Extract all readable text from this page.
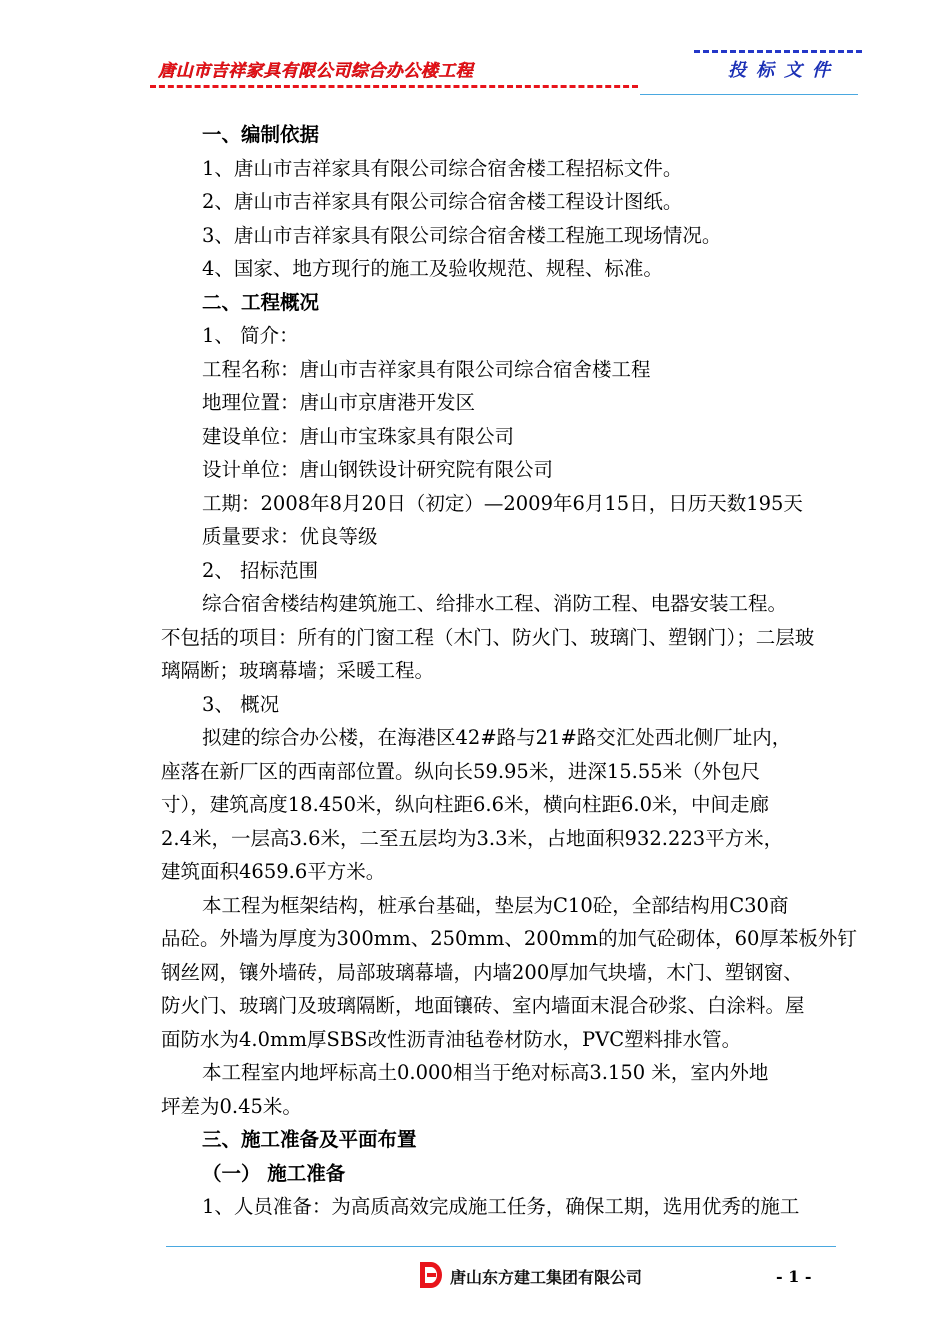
唐山市吉祥家具有限公司综合办公楼工程	投标文件
一、编制依据
1、唐山市吉祥家具有限公司综合宿舍楼工程招标文件。
2、唐山市吉祥家具有限公司综合宿舍楼工程设计图纸。
3、唐山市吉祥家具有限公司综合宿舍楼工程施工现场情况。
4、国家、地方现行的施工及验收规范、规程、标准。
二、工程概况
1、 简介：
工程名称：唐山市吉祥家具有限公司综合宿舍楼工程
地理位置：唐山市京唐港开发区
建设单位：唐山市宝珠家具有限公司
设计单位：唐山钢铁设计研究院有限公司
工期：2008年8月20日（初定）—2009年6月15日，日历天数195天
质量要求：优良等级
2、 招标范围
综合宿舍楼结构建筑施工、给排水工程、消防工程、电器安装工程。
不包括的项目：所有的门窗工程（木门、防火门、玻璃门、塑钢门）；二层玻
璃隔断；玻璃幕墙；采暖工程。
3、 概况
拟建的综合办公楼，在海港区42#路与21#路交汇处西北侧厂址内，
座落在新厂区的西南部位置。纵向长59.95米，进深15.55米（外包尺
寸），建筑高度18.450米，纵向柱距6.6米，横向柱距6.0米，中间走廊
2.4米，一层高3.6米，二至五层均为3.3米，占地面积932.223平方米，
建筑面积4659.6平方米。
本工程为框架结构，桩承台基础，垫层为C10砼，全部结构用C30商
品砼。外墙为厚度为300mm、250mm、200mm的加气砼砌体，60厚苯板外钉
钢丝网，镶外墙砖，局部玻璃幕墙，内墙200厚加气块墙，木门、塑钢窗、
防火门、玻璃门及玻璃隔断，地面镶砖、室内墙面末混合砂浆、白涂料。屋
面防水为4.0mm厚SBS改性沥青油毡卷材防水，PVC塑料排水管。
本工程室内地坪标高土0.000相当于绝对标高3.150 米，室内外地
坪差为0.45米。
三、施工准备及平面布置
（一） 施工准备
1、人员准备：为高质高效完成施工任务，确保工期，选用优秀的施工
唐山东方建工集团有限公司	- 1 -
